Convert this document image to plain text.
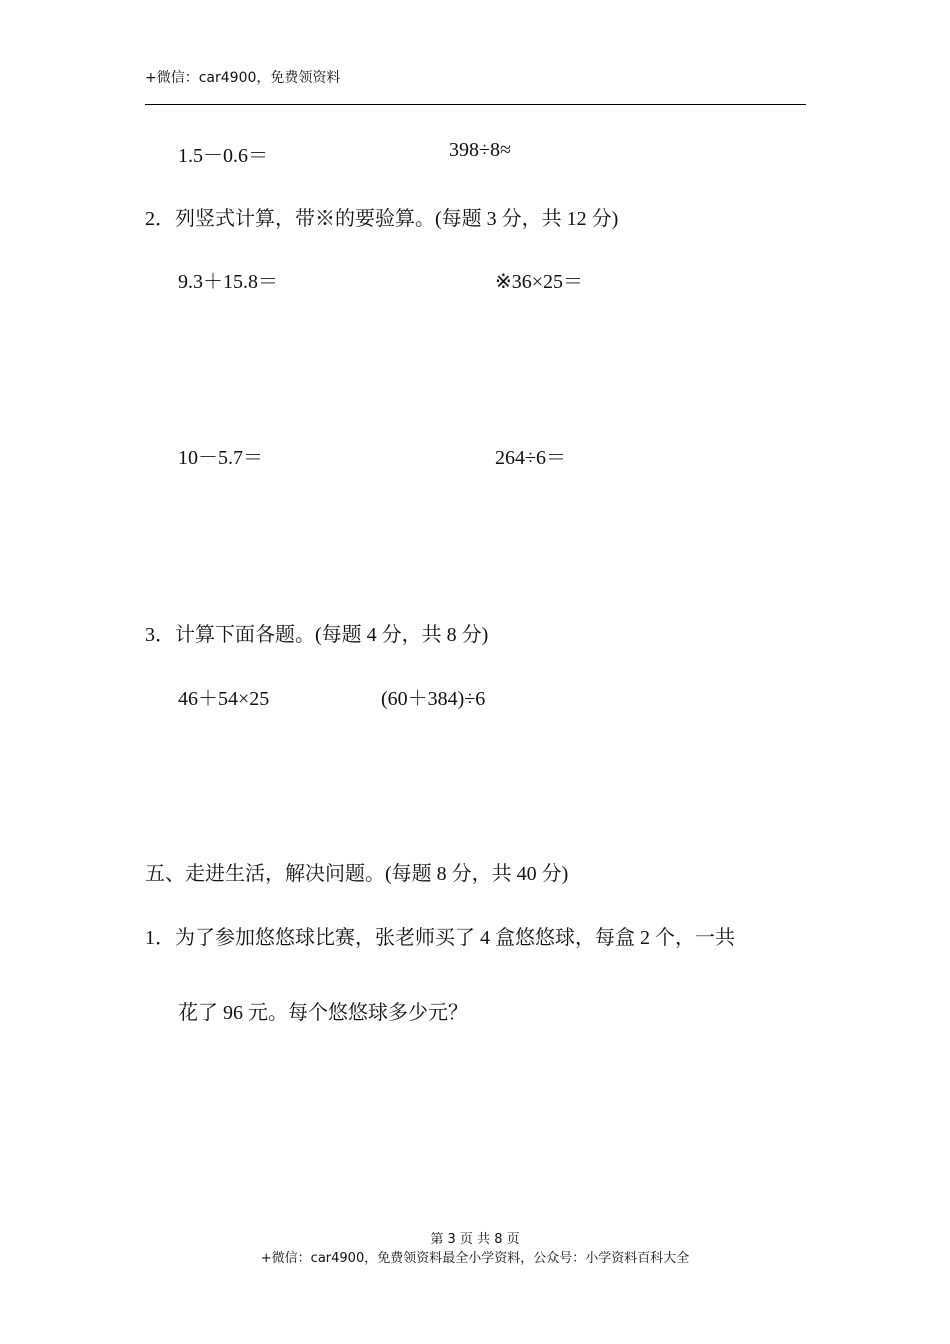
+微信：car4900，免费领资料
1.5－0.6＝	398÷8≈
2．列竖式计算，带※的要验算。(每题 3 分，共 12 分)
9.3＋15.8＝	※36×25＝
10－5.7＝	264÷6＝
3．计算下面各题。(每题 4 分，共 8 分)
46＋54×25	(60＋384)÷6
五、走进生活，解决问题。(每题 8 分，共 40 分)
1．为了参加悠悠球比赛，张老师买了 4 盒悠悠球，每盒 2 个，一共
花了 96 元。每个悠悠球多少元？
第 3 页 共 8 页
+微信：car4900，免费领资料最全小学资料，公众号：小学资料百科大全
